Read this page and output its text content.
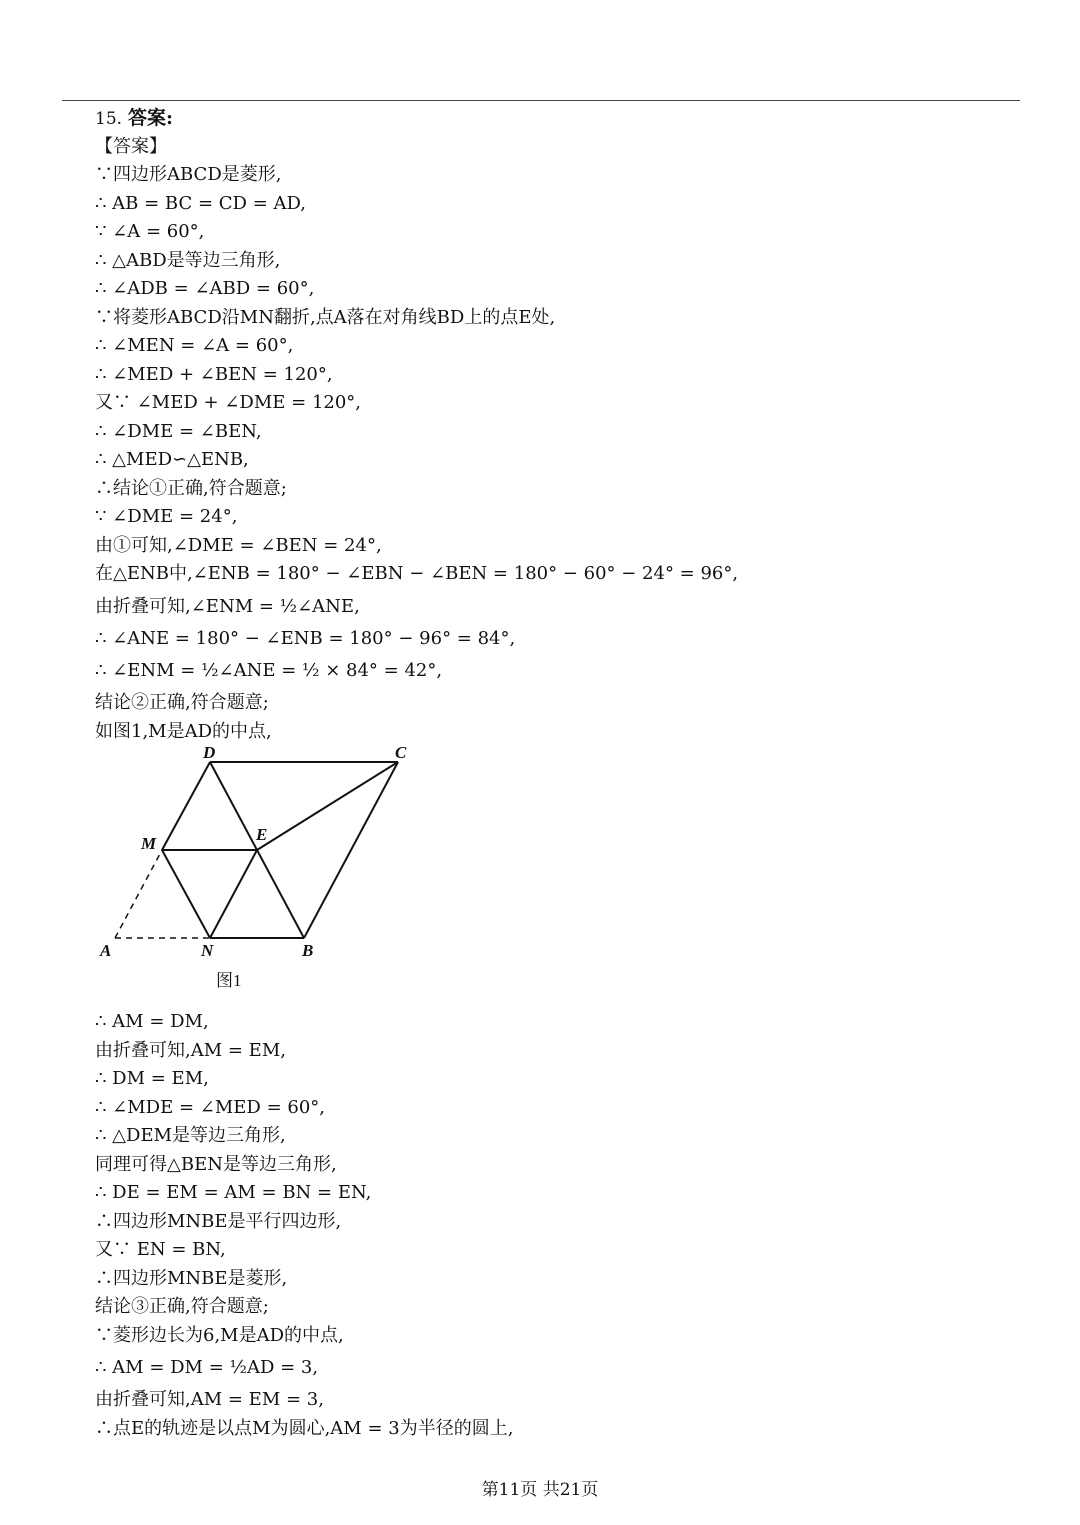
15. 答案:
【答案】
∵四边形ABCD是菱形,
∴ AB = BC = CD = AD,
∵ ∠A = 60°,
∴ △ABD是等边三角形,
∴ ∠ADB = ∠ABD = 60°,
∵将菱形ABCD沿MN翻折,点A落在对角线BD上的点E处,
∴ ∠MEN = ∠A = 60°,
∴ ∠MED + ∠BEN = 120°,
又∵ ∠MED + ∠DME = 120°,
∴ ∠DME = ∠BEN,
∴ △MED∽△ENB,
∴结论①正确,符合题意;
∵ ∠DME = 24°,
由①可知,∠DME = ∠BEN = 24°,
在△ENB中,∠ENB = 180° − ∠EBN − ∠BEN = 180° − 60° − 24° = 96°,
由折叠可知,∠ENM = ½∠ANE,
∴ ∠ANE = 180° − ∠ENB = 180° − 96° = 84°,
∴ ∠ENM = ½∠ANE = ½ × 84° = 42°,
结论②正确,符合题意;
如图1,M是AD的中点,
D	C
M	E
A	N	B
图1
∴ AM = DM,
由折叠可知,AM = EM,
∴ DM = EM,
∴ ∠MDE = ∠MED = 60°,
∴ △DEM是等边三角形,
同理可得△BEN是等边三角形,
∴ DE = EM = AM = BN = EN,
∴四边形MNBE是平行四边形,
又∵ EN = BN,
∴四边形MNBE是菱形,
结论③正确,符合题意;
∵菱形边长为6,M是AD的中点,
∴ AM = DM = ½AD = 3,
由折叠可知,AM = EM = 3,
∴点E的轨迹是以点M为圆心,AM = 3为半径的圆上,
第11页 共21页
